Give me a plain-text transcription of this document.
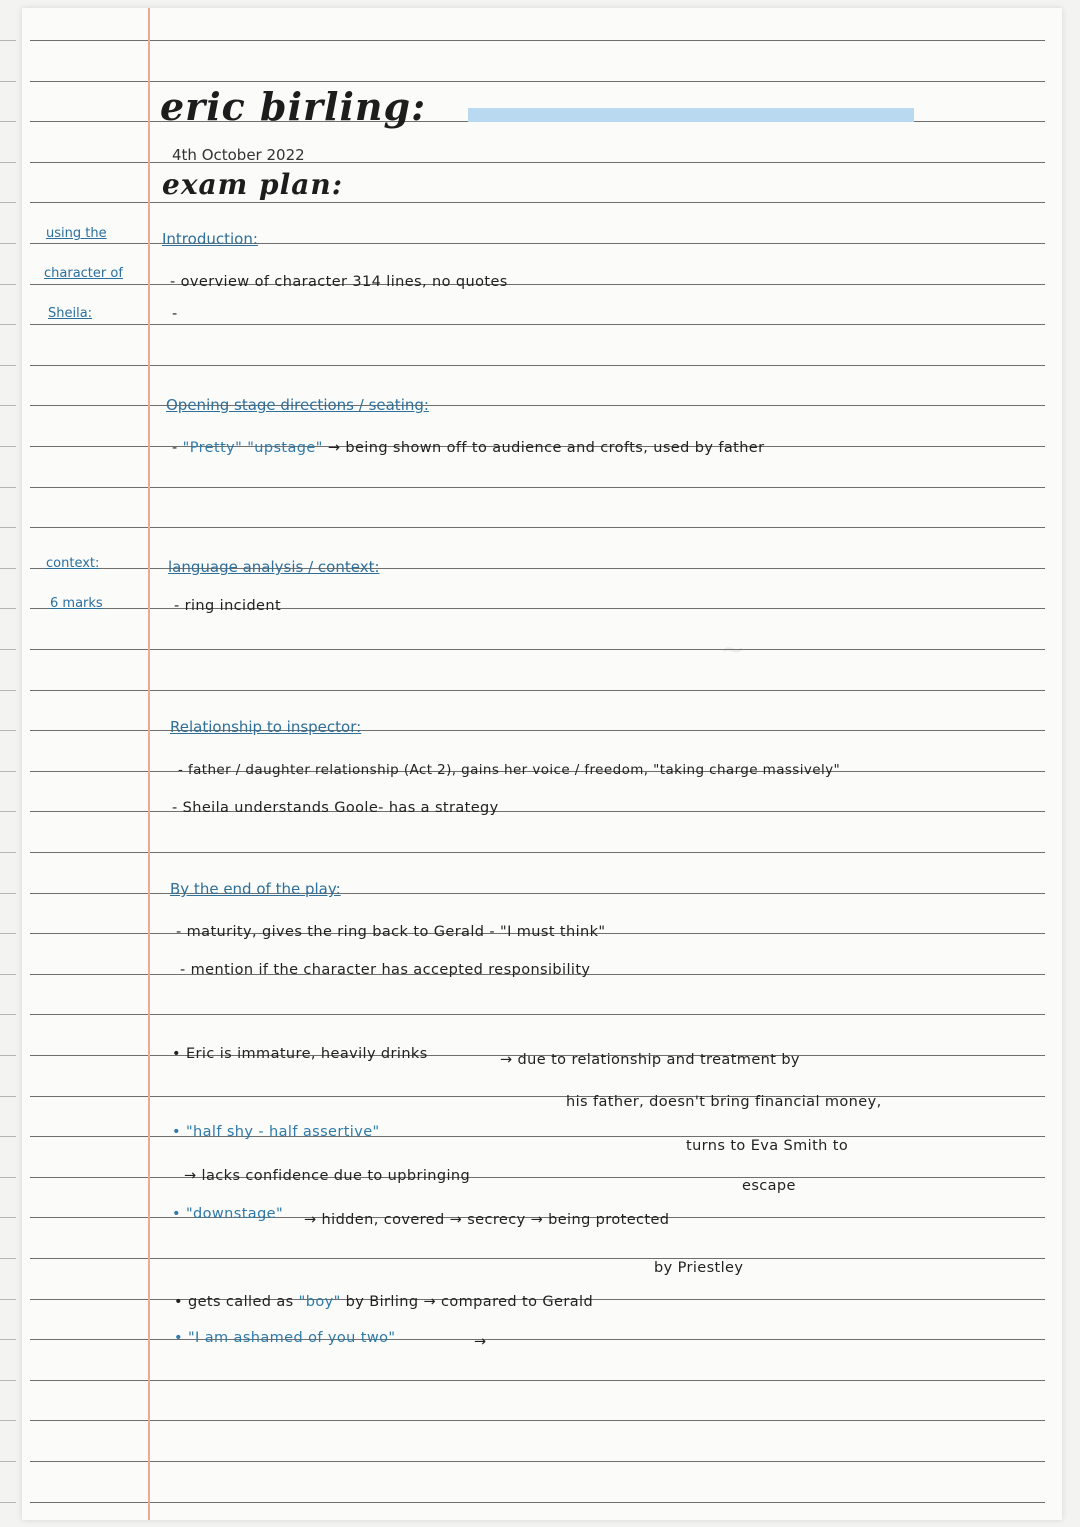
~
eric birling:
4th October 2022
exam plan:
using the
character of
Sheila:
context:
6 marks
Introduction:
- overview of character 314 lines, no quotes
-
Opening stage directions / seating:
- "Pretty" "upstage" → being shown off to audience and crofts, used by father
language analysis / context:
- ring incident
Relationship to inspector:
- father / daughter relationship (Act 2), gains her voice / freedom, "taking charge massively"
- Sheila understands Goole- has a strategy
By the end of the play:
- maturity, gives the ring back to Gerald - "I must think"
- mention if the character has accepted responsibility
• Eric is immature, heavily drinks	→ due to relationship and treatment by
his father, doesn't bring financial money,
turns to Eva Smith to
escape
• "half shy - half assertive"
→ lacks confidence due to upbringing
• "downstage" → hidden, covered → secrecy → being protected
by Priestley
• gets called as "boy" by Birling → compared to Gerald
• "I am ashamed of you two"	→
